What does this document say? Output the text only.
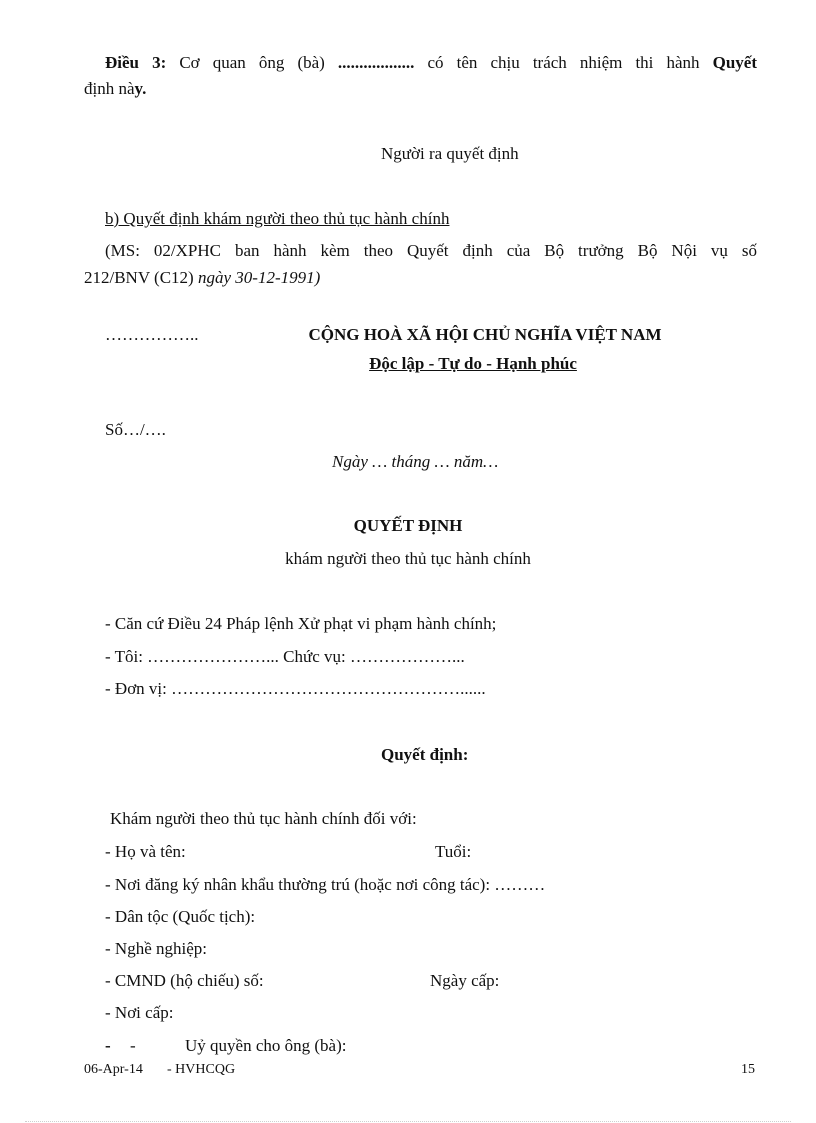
Điều 3: Cơ quan ông (bà) .................. có tên chịu trách nhiệm thi hành Quyết
định này.
Người ra quyết định
b) Quyết định khám người theo thủ tục hành chính
(MS: 02/XPHC ban hành kèm theo Quyết định của Bộ trưởng Bộ Nội vụ số
212/BNV (C12) ngày 30-12-1991)
……………..	CỘNG HOÀ XÃ HỘI CHỦ NGHĨA VIỆT NAM
Độc lập - Tự do - Hạnh phúc
Số…/….
Ngày … tháng … năm…
QUYẾT ĐỊNH
khám người theo thủ tục hành chính
- Căn cứ Điều 24 Pháp lệnh Xử phạt vi phạm hành chính;
- Tôi: …………………... Chức vụ: ………………...
- Đơn vị: ……………………………………………......
Quyết định:
Khám người theo thủ tục hành chính đối với:
- Họ và tên:	Tuổi:
- Nơi đăng ký nhân khẩu thường trú (hoặc nơi công tác): ………
- Dân tộc (Quốc tịch):
- Nghề nghiệp:
- CMND (hộ chiếu) số:	Ngày cấp:
- Nơi cấp:
- -	Uỷ quyền cho ông (bà):
06-Apr-14 - HVHCQG	15
